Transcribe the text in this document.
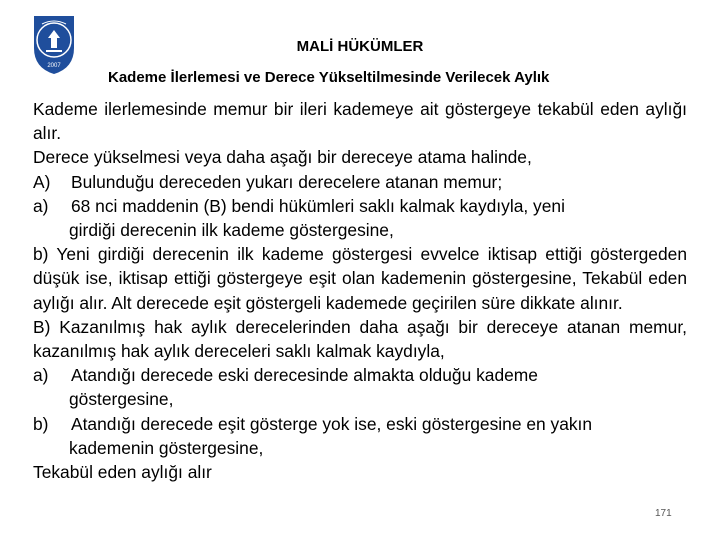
2007
MALİ HÜKÜMLER
Kademe İlerlemesi ve Derece Yükseltilmesinde Verilecek Aylık

Kademe ilerlemesinde memur bir ileri kademeye ait göstergeye tekabül eden aylığı alır.

Derece yükselmesi veya daha aşağı bir dereceye atama halinde,

A)	Bulunduğu dereceden yukarı derecelere atanan memur;
a)	68 nci maddenin (B) bendi hükümleri saklı kalmak kaydıyla, yeni
girdiği derecenin ilk kademe göstergesine,

b) Yeni girdiği derecenin ilk kademe göstergesi evvelce iktisap ettiği göstergeden düşük ise, iktisap ettiği göstergeye eşit olan kademenin göstergesine, Tekabül eden aylığı alır. Alt derecede eşit göstergeli kademede geçirilen süre dikkate alınır.

B) Kazanılmış hak aylık derecelerinden daha aşağı bir dereceye atanan memur, kazanılmış hak aylık dereceleri saklı kalmak kaydıyla,

a)	Atandığı derecede eski derecesinde almakta olduğu kademe
göstergesine,
b)	Atandığı derecede eşit gösterge yok ise, eski göstergesine en yakın
kademenin göstergesine,

Tekabül eden aylığı alır

171
